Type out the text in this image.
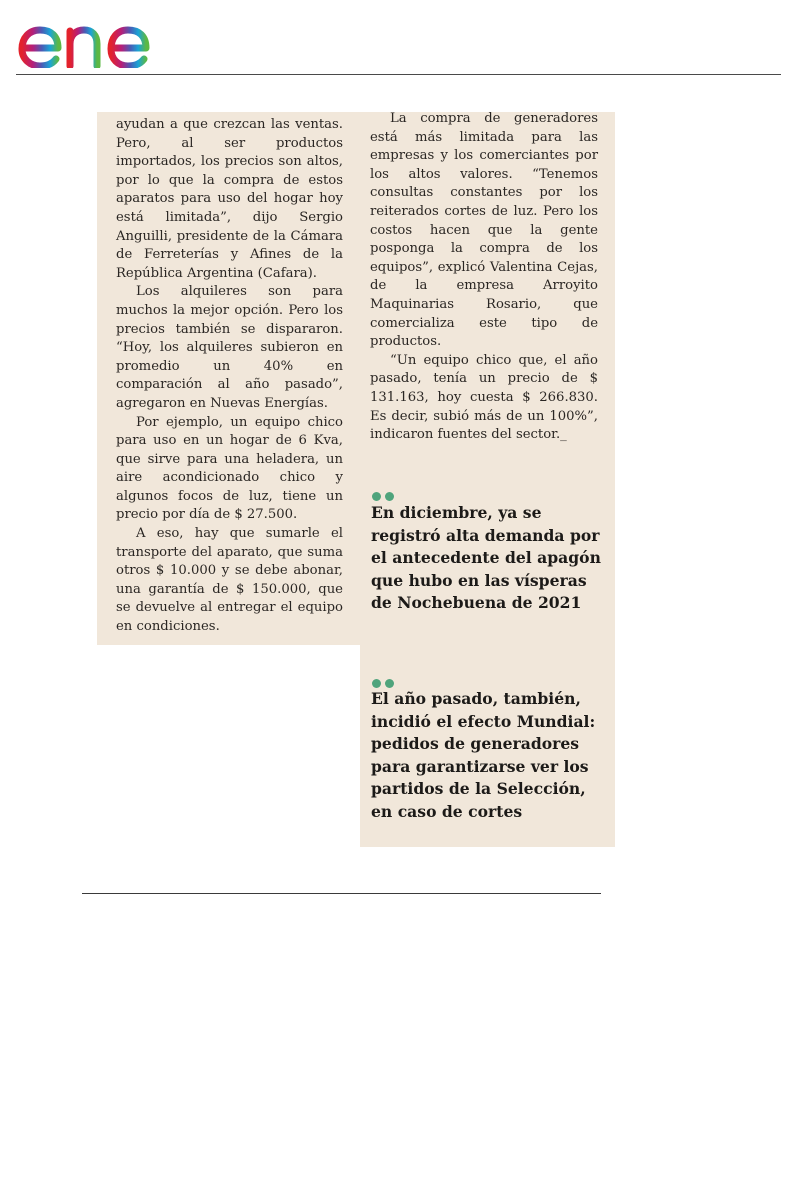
ayudan a que crezcan las ventas. Pero, al ser productos importados, los precios son altos, por lo que la compra de estos aparatos para uso del hogar hoy está limitada”, dijo Sergio Anguilli, presidente de la Cámara de Ferreterías y Afines de la República Argentina (Cafara).

Los alquileres son para muchos la mejor opción. Pero los precios también se dispararon. “Hoy, los alquileres subieron en promedio un 40% en comparación al año pasado”, agregaron en Nuevas Energías.

Por ejemplo, un equipo chico para uso en un hogar de 6 Kva, que sirve para una heladera, un aire acondicionado chico y algunos focos de luz, tiene un precio por día de $ 27.500.

A eso, hay que sumarle el transporte del aparato, que suma otros $ 10.000 y se debe abonar, una garantía de $ 150.000, que se devuelve al entregar el equipo en condiciones.

La compra de generadores está más limitada para las empresas y los comerciantes por los altos valores. “Tenemos consultas constantes por los reiterados cortes de luz. Pero los costos hacen que la gente posponga la compra de los equipos”, explicó Valentina Cejas, de la empresa Arroyito Maquinarias Rosario, que comercializa este tipo de productos.

“Un equipo chico que, el año pasado, tenía un precio de $ 131.163, hoy cuesta $ 266.830. Es decir, subió más de un 100%”, indicaron fuentes del sector._

En diciembre, ya se registró alta demanda por el antecedente del apagón que hubo en las vísperas de Nochebuena de 2021
El año pasado, también, incidió el efecto Mundial: pedidos de generadores para garantizarse ver los partidos de la Selección, en caso de cortes
